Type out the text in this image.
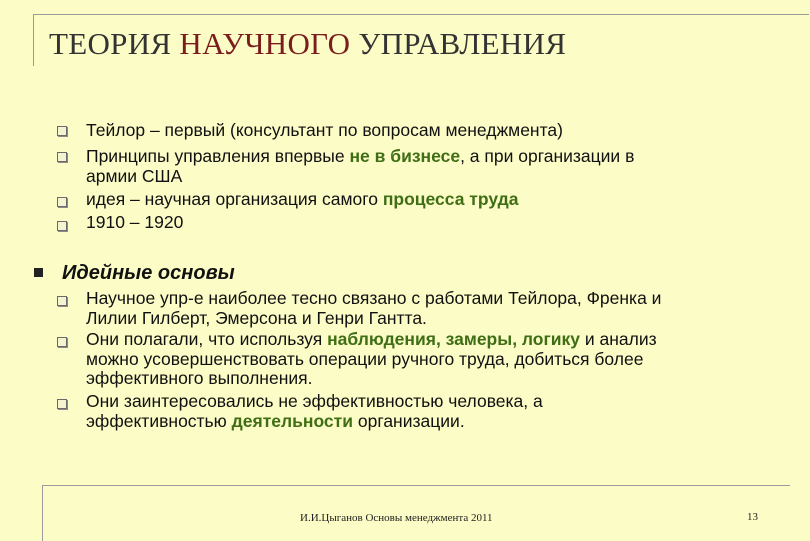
ТЕОРИЯ НАУЧНОГО УПРАВЛЕНИЯ
Тейлор – первый (консультант по вопросам менеджмента)
Принципы управления впервые не в бизнесе, а при организации в
армии США
идея – научная организация самого процесса труда
1910 – 1920
Идейные основы
Научное упр-е наиболее тесно связано с работами Тейлора, Френка и
Лилии Гилберт, Эмерсона и Генри Гантта.
Они полагали, что используя наблюдения, замеры, логику и анализ
можно усовершенствовать операции ручного труда, добиться более
эффективного выполнения.
Они заинтересовались не эффективностью человека, а
эффективностью деятельности организации.
И.И.Цыганов Основы менеджмента 2011	13
